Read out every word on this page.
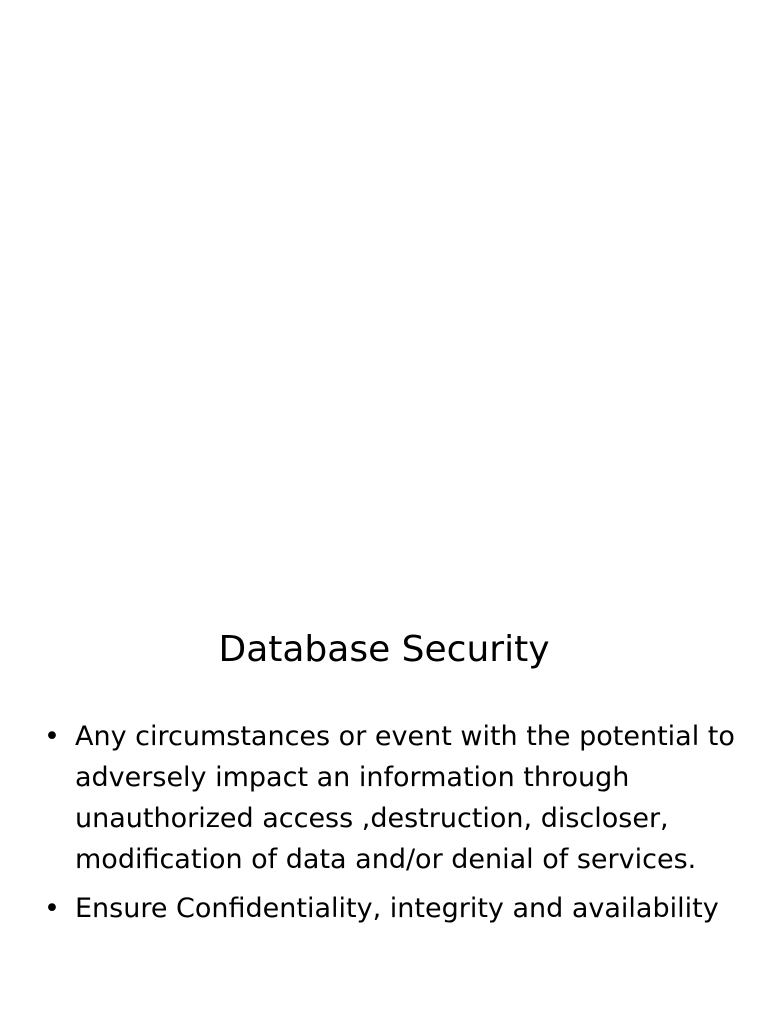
Database Security
• Any circumstances or event with the potential to adversely impact an information through unauthorized access ,destruction, discloser, modification of data and/or denial of services.
• Ensure Confidentiality, integrity and availability
